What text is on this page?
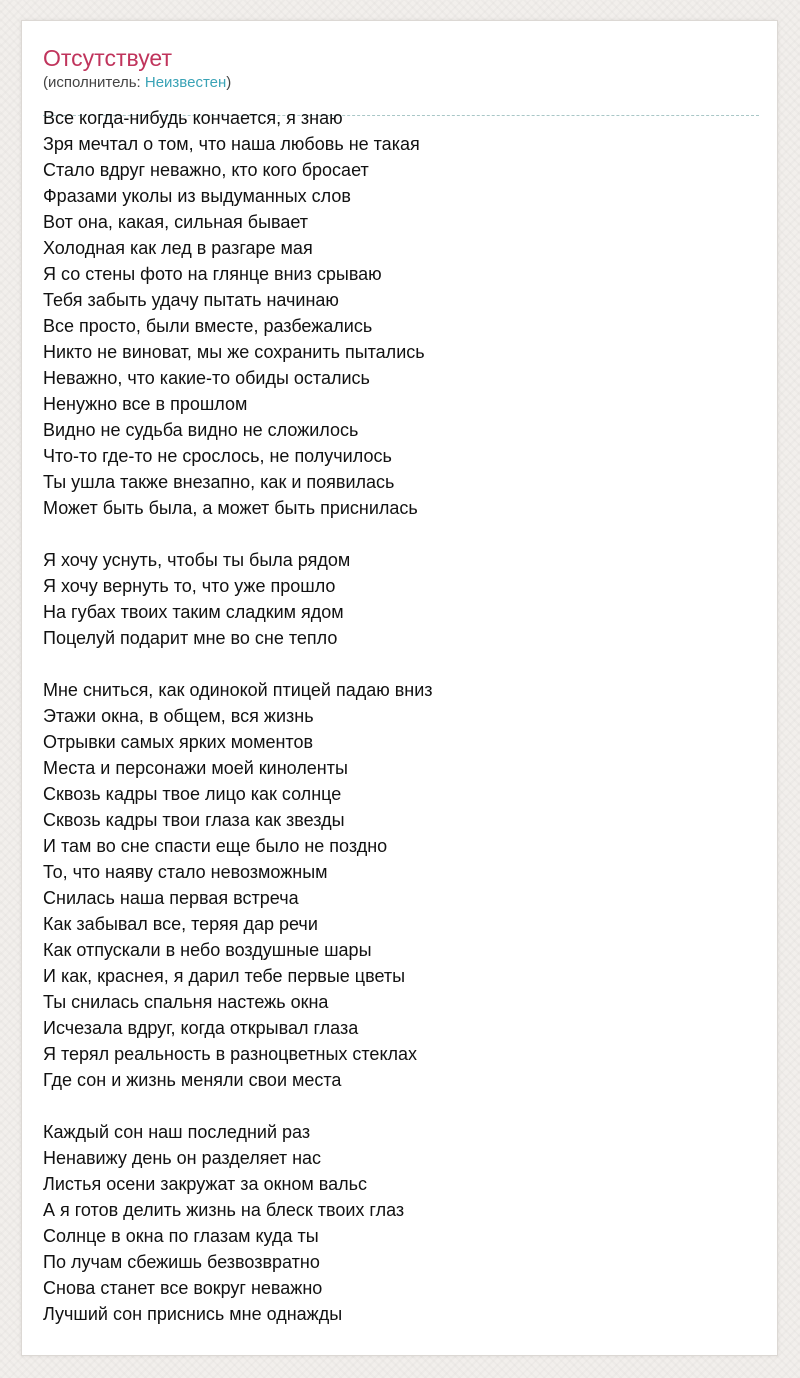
Отсутствует
(исполнитель: Неизвестен)
Все когда-нибудь кончается, я знаю
Зря мечтал о том, что наша любовь не такая
Стало вдруг неважно, кто кого бросает
Фразами уколы из выдуманных слов
Вот она, какая, сильная бывает
Холодная как лед в разгаре мая
Я со стены фото на глянце вниз срываю
Тебя забыть удачу пытать начинаю
Все просто, были вместе, разбежались
Никто не виноват, мы же сохранить пытались
Неважно, что какие-то обиды остались
Ненужно все в прошлом
Видно не судьба видно не сложилось
Что-то где-то не срослось, не получилось
Ты ушла также внезапно, как и появилась
Может быть была, а может быть приснилась

Я хочу уснуть, чтобы ты была рядом
Я хочу вернуть то, что уже прошло
На губах твоих таким сладким ядом
Поцелуй подарит мне во сне тепло

Мне сниться, как одинокой птицей падаю вниз
Этажи окна, в общем, вся жизнь
Отрывки самых ярких моментов
Места и персонажи моей киноленты
Сквозь кадры твое лицо как солнце
Сквозь кадры твои глаза как звезды
И там во сне спасти еще было не поздно
То, что наяву стало невозможным
Снилась наша первая встреча
Как забывал все, теряя дар речи
Как отпускали в небо воздушные шары
И как, краснея, я дарил тебе первые цветы
Ты снилась спальня настежь окна
Исчезала вдруг, когда открывал глаза
Я терял реальность в разноцветных стеклах
Где сон и жизнь меняли свои места

Каждый сон наш последний раз
Ненавижу день он разделяет нас
Листья осени закружат за окном вальс
А я готов делить жизнь на блеск твоих глаз
Солнце в окна по глазам куда ты
По лучам сбежишь безвозвратно
Снова станет все вокруг неважно
Лучший сон приснись мне однажды
